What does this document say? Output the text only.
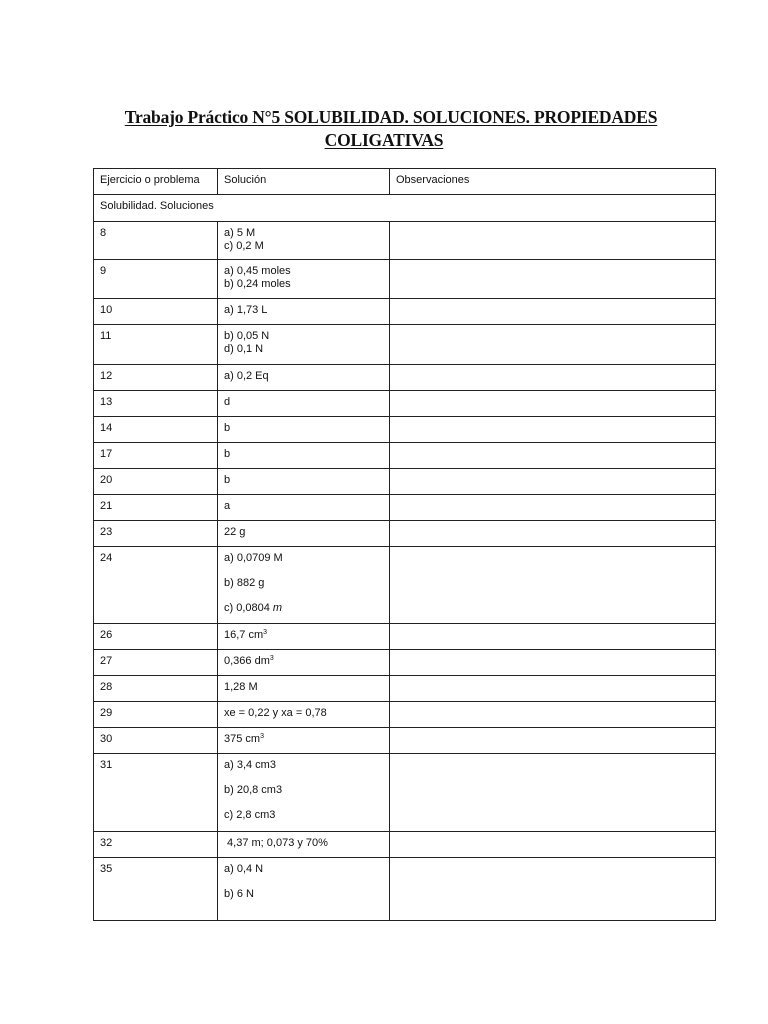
Trabajo Práctico N°5 SOLUBILIDAD. SOLUCIONES. PROPIEDADES
COLIGATIVAS
Ejercicio o problema	Solución	Observaciones
Solubilidad. Soluciones		
8	a) 5 M
c) 0,2 M	

9	a) 0,45 moles
b) 0,24 moles	

10	a) 1,73 L	

11	b) 0,05 N
d) 0,1 N	

12	a) 0,2 Eq	

13	d	

14	b	

17	b	

20	b	

21	a	

23	22 g	

24	a) 0,0709 M
b) 882 g
c) 0,0804 m	

26	16,7 $cm^3$

27	0,366 $dm^3$

28	1,28 M	

29	xe = 0,22 y xa = 0,78	

30	375 $cm^3$

31	a) 3,4 cm3
b) 20,8 cm3
c) 2,8 cm3	

32	4,37 m; 0,073 y 70%	

35	a) 0,4 N
b) 6 N	
